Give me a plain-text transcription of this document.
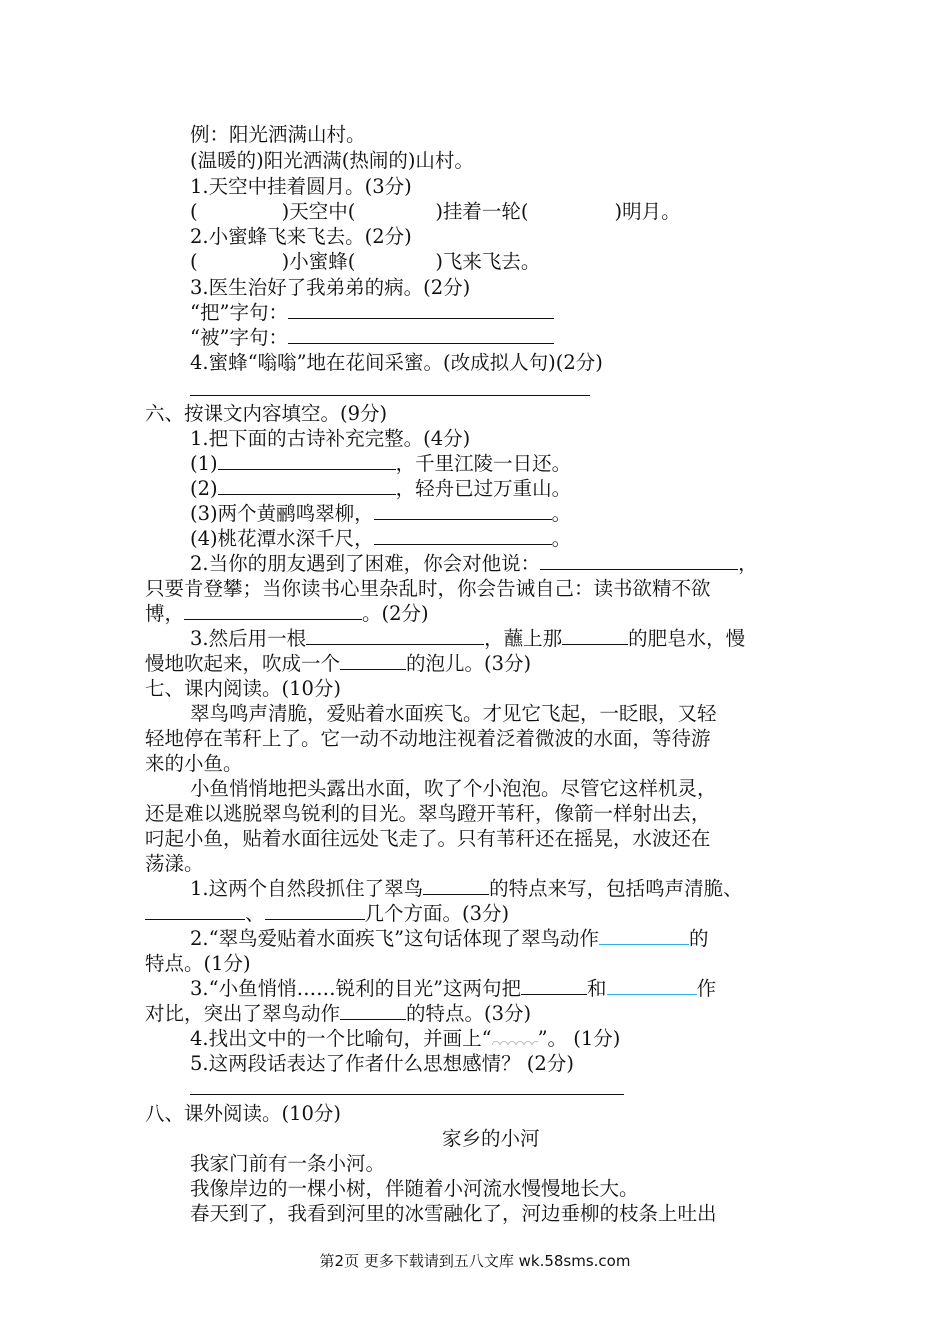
例：阳光洒满山村。
(温暖的)阳光洒满(热闹的)山村。
1.天空中挂着圆月。(3分)
(	)天空中(	)挂着一轮(	)明月。
2.小蜜蜂飞来飞去。(2分)
(	)小蜜蜂(	)飞来飞去。
3.医生治好了我弟弟的病。(2分)
“把”字句：
“被”字句：
4.蜜蜂“嗡嗡”地在花间采蜜。(改成拟人句)(2分)
六、按课文内容填空。(9分)
1.把下面的古诗补充完整。(4分)
(1)	，千里江陵一日还。
(2)	，轻舟已过万重山。
(3)两个黄鹂鸣翠柳，	。
(4)桃花潭水深千尺，	。
2.当你的朋友遇到了困难，你会对他说：	，
只要肯登攀；当你读书心里杂乱时，你会告诫自己：读书欲精不欲
博，	。(2分)
3.然后用一根	，蘸上那	的肥皂水，慢
慢地吹起来，吹成一个	的泡儿。(3分)
七、课内阅读。(10分)
翠鸟鸣声清脆，爱贴着水面疾飞。才见它飞起，一眨眼，又轻
轻地停在苇秆上了。它一动不动地注视着泛着微波的水面，等待游
来的小鱼。
小鱼悄悄地把头露出水面，吹了个小泡泡。尽管它这样机灵，
还是难以逃脱翠鸟锐利的目光。翠鸟蹬开苇秆，像箭一样射出去，
叼起小鱼，贴着水面往远处飞走了。只有苇秆还在摇晃，水波还在
荡漾。
1.这两个自然段抓住了翠鸟	的特点来写，包括鸣声清脆、
、	几个方面。(3分)
2.“翠鸟爱贴着水面疾飞”这句话体现了翠鸟动作	的
特点。(1分)
3.“小鱼悄悄……锐利的目光”这两句把	和	作
对比，突出了翠鸟动作	的特点。(3分)
4.找出文中的一个比喻句，并画上“ ”。 (1分)
5.这两段话表达了作者什么思想感情？ (2分)
八、课外阅读。(10分)
家乡的小河
我家门前有一条小河。
我像岸边的一棵小树，伴随着小河流水慢慢地长大。
春天到了，我看到河里的冰雪融化了，河边垂柳的枝条上吐出
第2页 更多下载请到五八文库 wk.58sms.com
